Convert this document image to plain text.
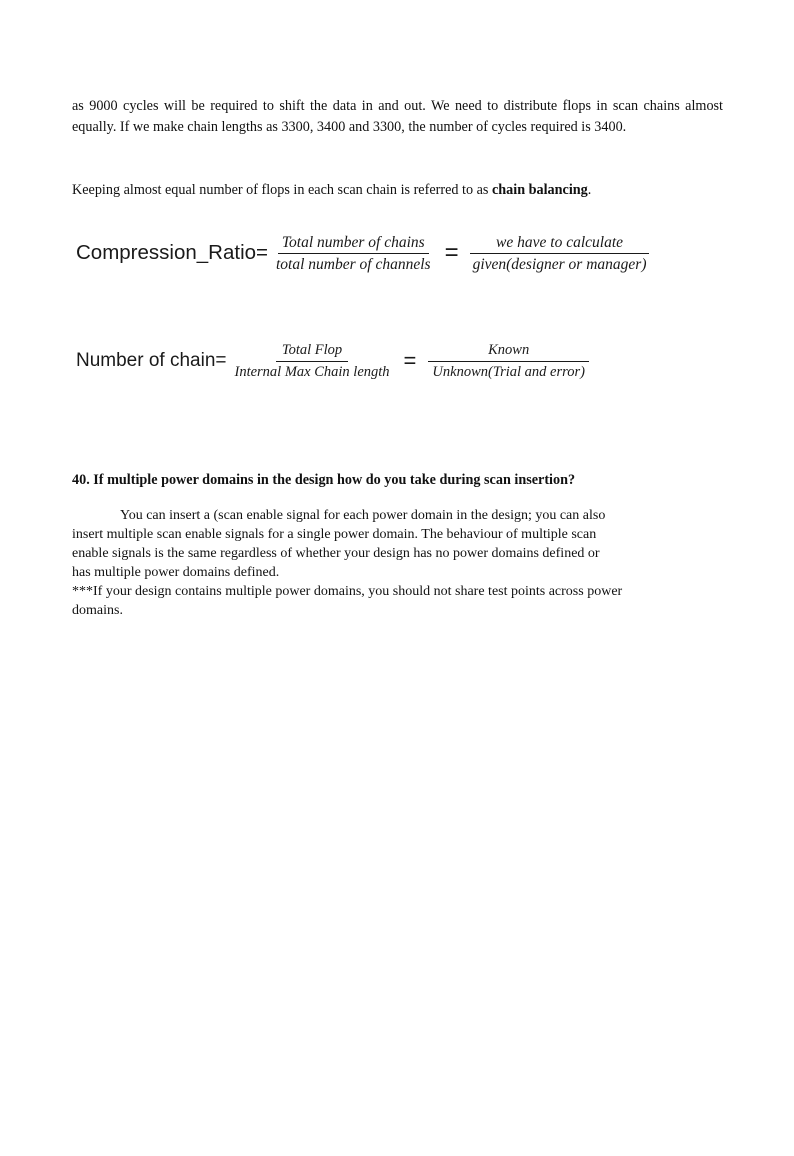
as 9000 cycles will be required to shift the data in and out. We need to distribute flops in scan chains almost equally. If we make chain lengths as 3300, 3400 and 3300, the number of cycles required is 3400.

Keeping almost equal number of flops in each scan chain is referred to as chain balancing.

Compression_Ratio= $\frac{\text{Total number of chains}}{\text{total number of channels}} = \frac{\text{we have to calculate}}{\text{given(designer or manager)}}$
Number of chain= $\frac{\text{Total Flop}}{\text{Internal Max Chain length}} = \frac{\text{Known}}{\text{Unknown(Trial and error)}}$

40. If multiple power domains in the design how do you take during scan insertion?

You can insert a (scan enable signal for each power domain in the design; you can also
insert multiple scan enable signals for a single power domain. The behaviour of multiple scan
enable signals is the same regardless of whether your design has no power domains defined or
has multiple power domains defined.
***If your design contains multiple power domains, you should not share test points across power
domains.
